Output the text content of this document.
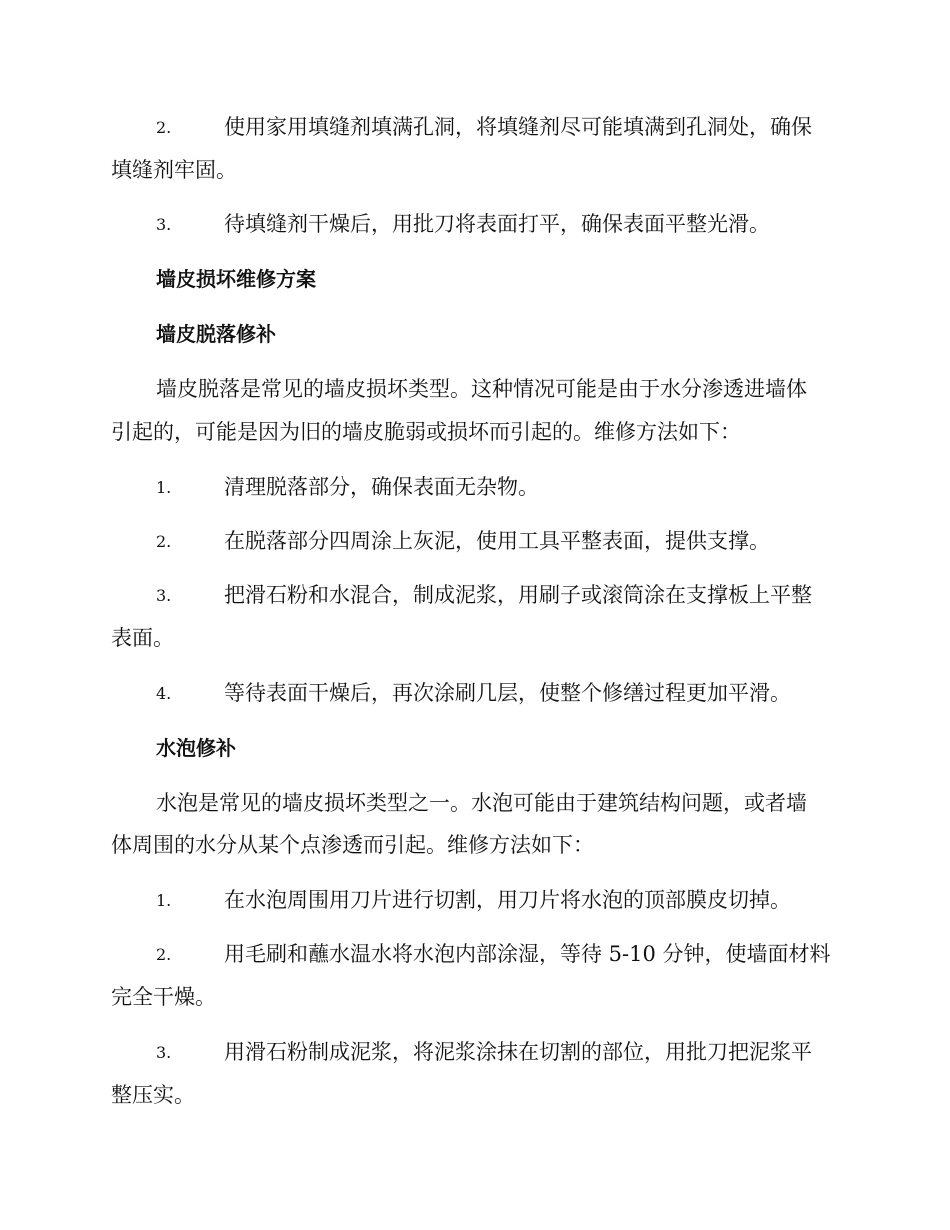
2.	使用家用填缝剂填满孔洞，将填缝剂尽可能填满到孔洞处，确保
填缝剂牢固。
3.	待填缝剂干燥后，用批刀将表面打平，确保表面平整光滑。
墙皮损坏维修方案
墙皮脱落修补
墙皮脱落是常见的墙皮损坏类型。这种情况可能是由于水分渗透进墙体
引起的，可能是因为旧的墙皮脆弱或损坏而引起的。维修方法如下：
1.	清理脱落部分，确保表面无杂物。
2.	在脱落部分四周涂上灰泥，使用工具平整表面，提供支撑。
3.	把滑石粉和水混合，制成泥浆，用刷子或滚筒涂在支撑板上平整
表面。
4.	等待表面干燥后，再次涂刷几层，使整个修缮过程更加平滑。
水泡修补
水泡是常见的墙皮损坏类型之一。水泡可能由于建筑结构问题，或者墙
体周围的水分从某个点渗透而引起。维修方法如下：
1.	在水泡周围用刀片进行切割，用刀片将水泡的顶部膜皮切掉。
2.	用毛刷和蘸水温水将水泡内部涂湿，等待 5-10 分钟，使墙面材料
完全干燥。
3.	用滑石粉制成泥浆，将泥浆涂抹在切割的部位，用批刀把泥浆平
整压实。
